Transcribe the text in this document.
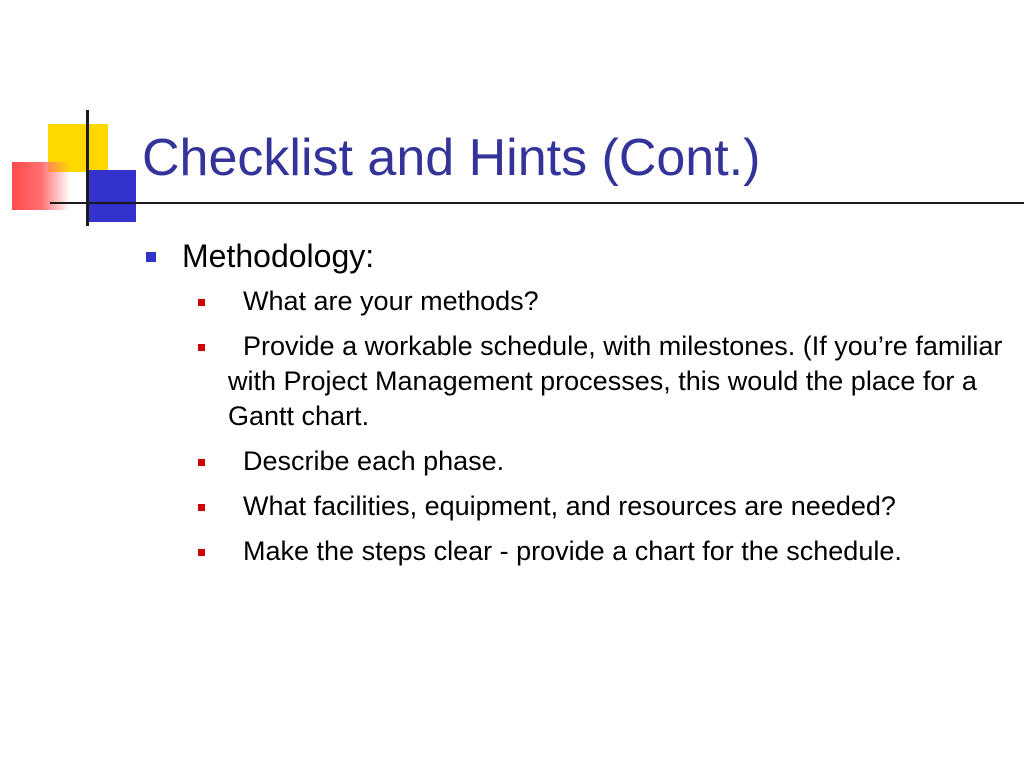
Checklist and Hints (Cont.)
Methodology:
What are your methods?
Provide a workable schedule, with milestones. (If you’re familiar with Project Management processes, this would the place for a Gantt chart.
Describe each phase.
What facilities, equipment, and resources are needed?
Make the steps clear - provide a chart for the schedule.
